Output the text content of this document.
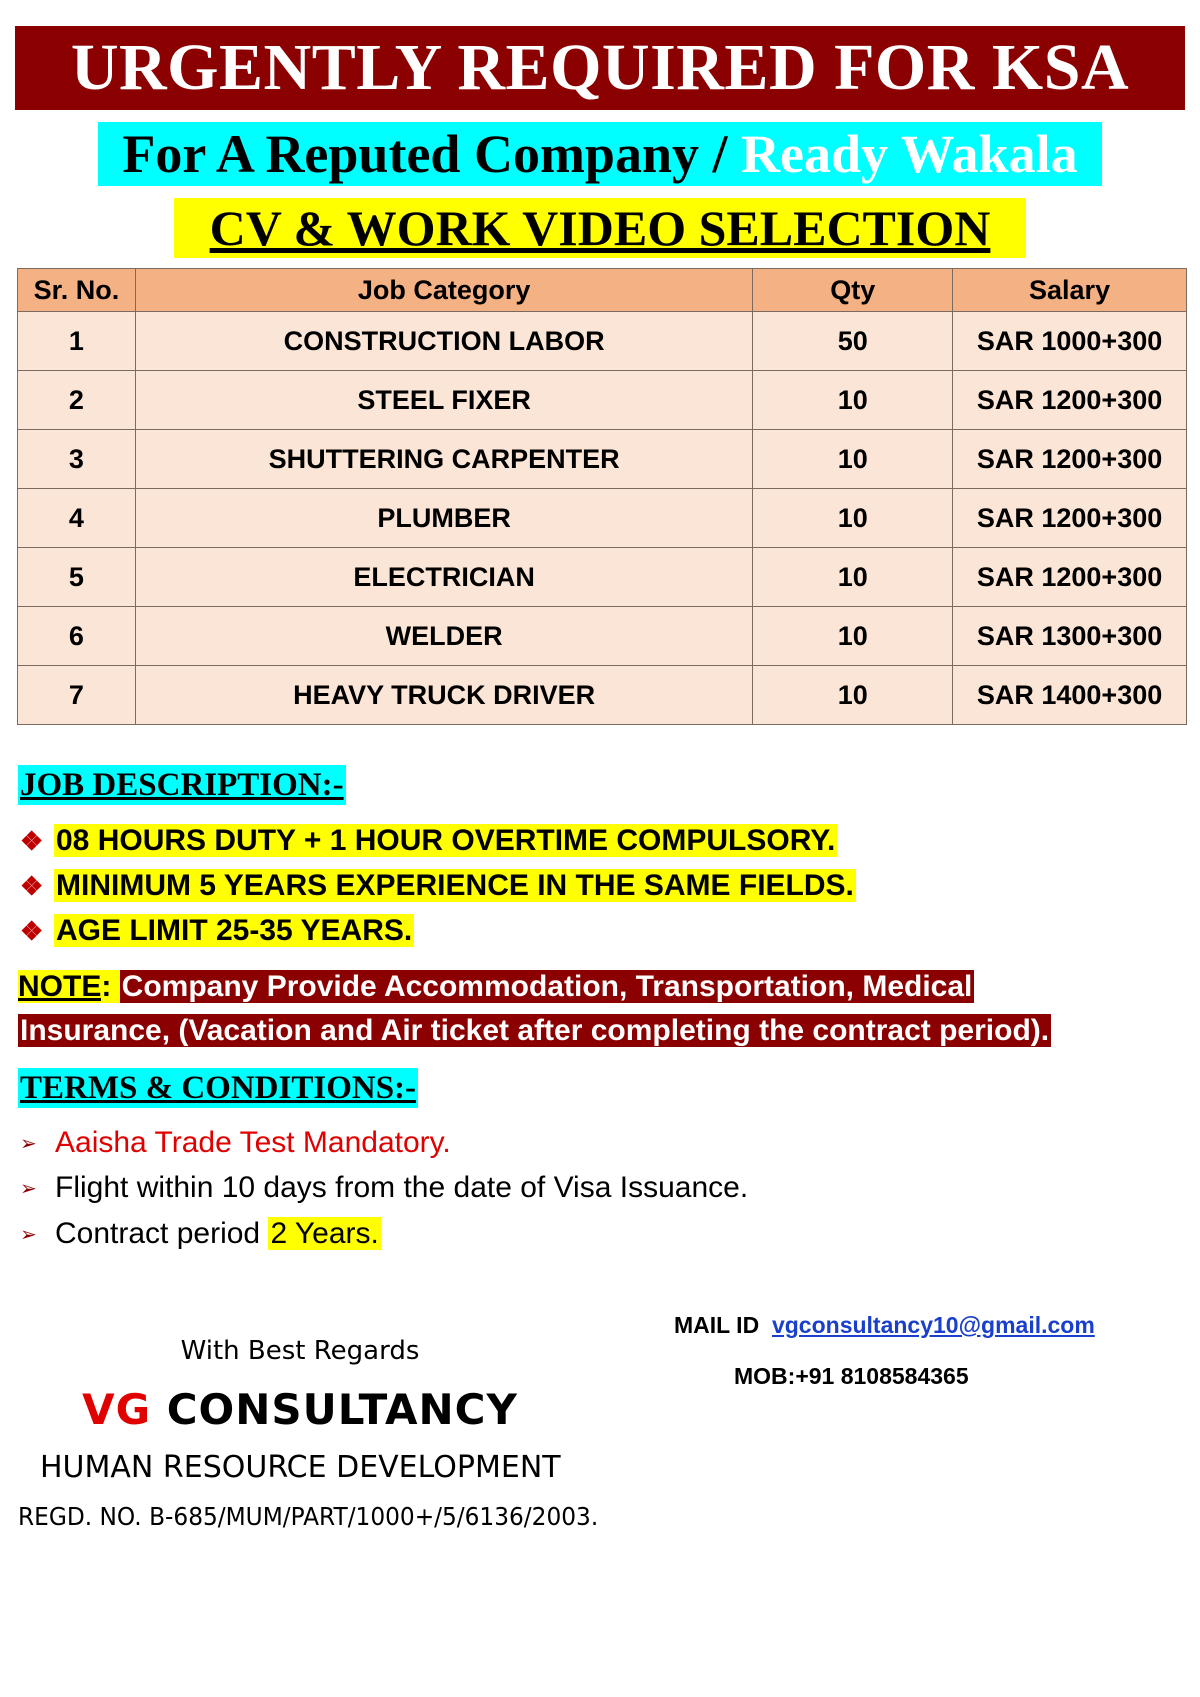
URGENTLY REQUIRED FOR KSA
For A Reputed Company / Ready Wakala
CV & WORK VIDEO SELECTION
Sr. No.	Job Category	Qty	Salary
1	CONSTRUCTION LABOR	50	SAR 1000+300
2	STEEL FIXER	10	SAR 1200+300
3	SHUTTERING CARPENTER	10	SAR 1200+300
4	PLUMBER	10	SAR 1200+300
5	ELECTRICIAN	10	SAR 1200+300
6	WELDER	10	SAR 1300+300
7	HEAVY TRUCK DRIVER	10	SAR 1400+300
JOB DESCRIPTION:-
❖ 08 HOURS DUTY + 1 HOUR OVERTIME COMPULSORY.
❖ MINIMUM 5 YEARS EXPERIENCE IN THE SAME FIELDS.
❖ AGE LIMIT 25-35 YEARS.
NOTE: Company Provide Accommodation, Transportation, Medical
Insurance, (Vacation and Air ticket after completing the contract period).
TERMS & CONDITIONS:-
➢ Aaisha Trade Test Mandatory.
➢ Flight within 10 days from the date of Visa Issuance.
➢ Contract period 2 Years.
MAIL ID vgconsultancy10@gmail.com
MOB:+91 8108584365
With Best Regards
VG CONSULTANCY
HUMAN RESOURCE DEVELOPMENT
REGD. NO. B-685/MUM/PART/1000+/5/6136/2003.
